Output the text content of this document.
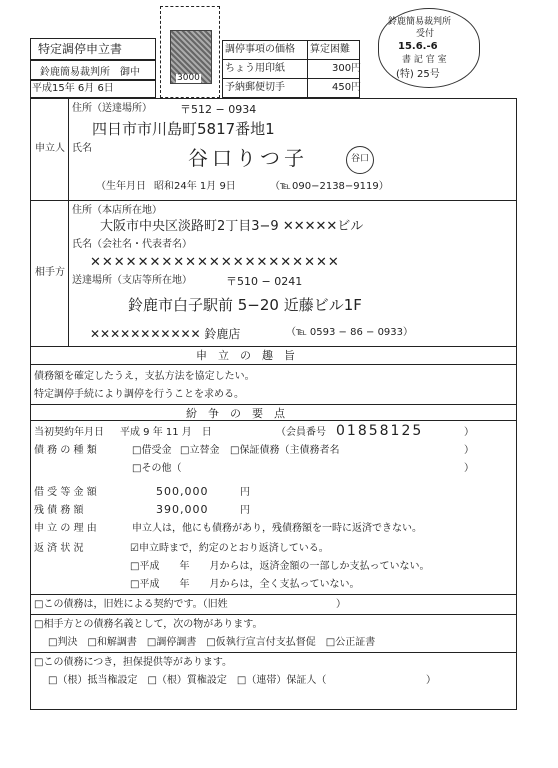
特定調停申立書
鈴鹿簡易裁判所　御中
平成15年 6月 6日
3000
調停事項の価格 算定困難
ちょう用印紙	300円
予納郵便切手	450円
鈴鹿簡易裁判所
受付
15.6.-6
書 記 官 室
(特) 25号
申立人
住所（送達場所）	〒512 − 0934
四日市市川島町5817番地1
氏名	谷口りつ子	谷口
（生年月日 昭和24年 1月 9日	（℡ 090−2138−9119）
相手方
住所（本店所在地）
大阪市中央区淡路町2丁目3−9 ✕✕✕✕✕ビル
氏名（会社名・代表者名）
✕✕✕✕✕✕✕✕✕✕✕✕✕✕✕✕✕✕✕✕✕
送達場所（支店等所在地）	〒510 − 0241
鈴鹿市白子駅前 5−20 近藤ビル1F
✕✕✕✕✕✕✕✕✕✕✕ 鈴鹿店	（℡ 0593 − 86 − 0933）
申　立　の　趣　旨
債務額を確定したうえ，支払方法を協定したい。
特定調停手続により調停を行うことを求める。
紛　争　の　要　点
当初契約年月日 平成 9 年 11 月　日	（会員番号 01858125	）
債 務 の 種 類	□借受金 □立替金 □保証債務（主債務者名	）
□その他（	）
借 受 等 金 額	500,000	円
残 債 務 額	390,000	円
申 立 の 理 由	申立人は，他にも債務があり，残債務額を一時に返済できない。
返 済 状 況	☑申立時まで，約定のとおり返済している。
□平成　　年　　月からは，返済金額の一部しか支払っていない。
□平成　　年　　月からは，全く支払っていない。
□この債務は，旧姓による契約です。（旧姓	）
□相手方との債務名義として，次の物があります。
□判決　□和解調書　□調停調書　□仮執行宣言付支払督促　□公正証書
□この債務につき，担保提供等があります。
□（根）抵当権設定　□（根）質権設定　□（連帯）保証人（	）
